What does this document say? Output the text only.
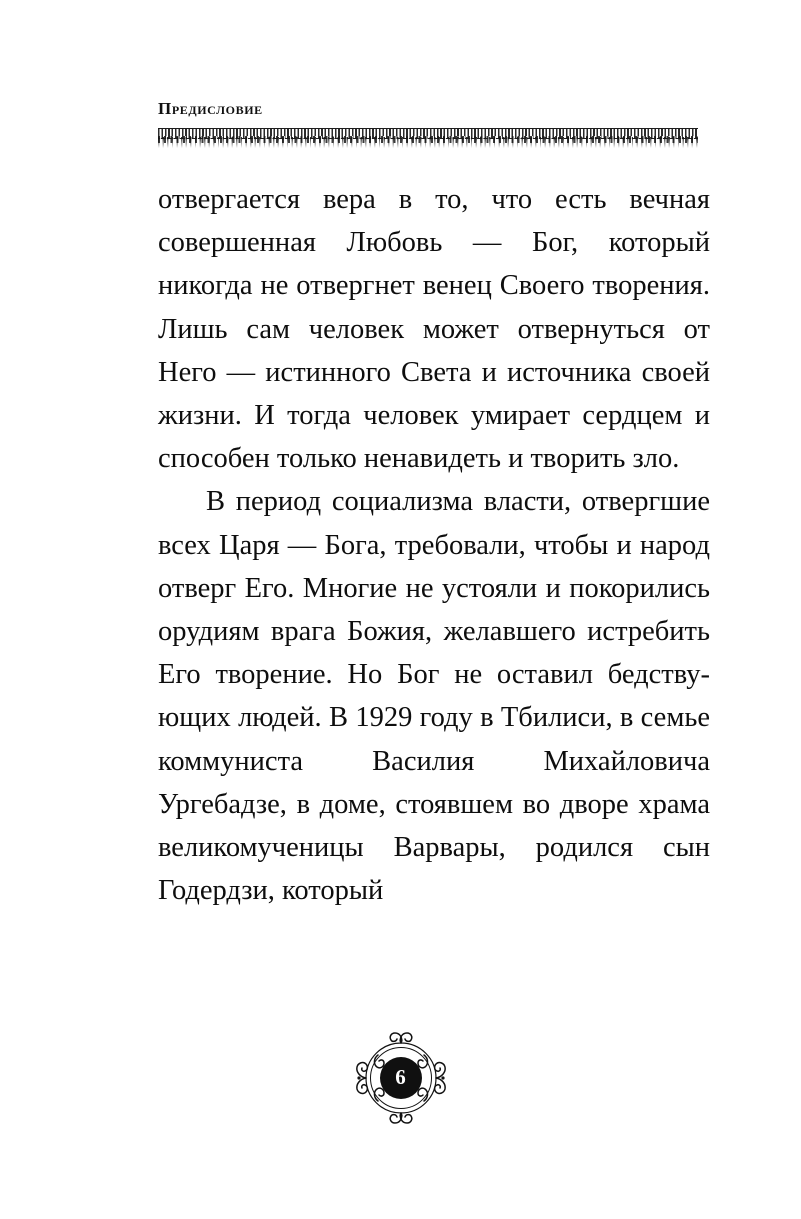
Предисловие

отвергается вера в то, что есть вечная совершенная Любовь — Бог, который никогда не отвергнет венец Своего творения. Лишь сам человек может отвернуться от Него — истинного Света и источника своей жизни. И тогда человек умирает сердцем и способен только ненавидеть и творить зло.

В период социализма власти, отвергшие всех Царя — Бога, требовали, чтобы и народ отверг Его. Многие не устояли и покорились орудиям врага Божия, желавшего истребить Его творение. Но Бог не оставил бедствующих людей. В 1929 году в Тбилиси, в семье коммуниста Василия Михайловича Ургебадзе, в доме, стоявшем во дворе храма великомученицы Варвары, родился сын Годердзи, который

6
